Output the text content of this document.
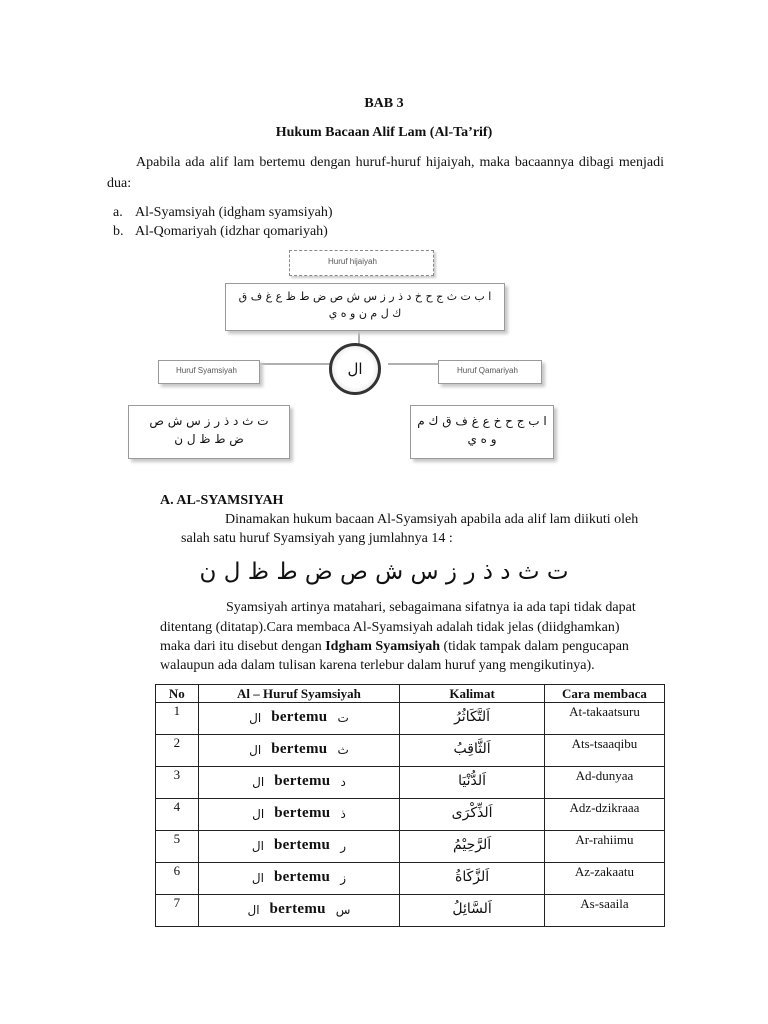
BAB 3
Hukum Bacaan Alif Lam (Al-Ta’rif)
Apabila ada alif lam bertemu dengan huruf-huruf hijaiyah, maka bacaannya dibagi menjadi dua:
a. Al-Syamsiyah (idgham syamsiyah)
b. Al-Qomariyah (idzhar qomariyah)
Huruf hijaiyah
ا ب ت ث ج ح خ د ذ ر ز س ش ص ض ط ظ ع غ ف ق
ك ل م ن و ه ي
ال
Huruf Syamsiyah
ت ث د ذ ر ز س ش ص
ض ط ظ ل ن
Huruf Qamariyah
ا ب ج ح خ ع غ ف ق ك م
و ه ي
A. AL-SYAMSIYAH
Dinamakan hukum bacaan Al-Syamsiyah apabila ada alif lam diikuti oleh
salah satu huruf Syamsiyah yang jumlahnya 14 :
ت ث د ذ ر ز س ش ص ض ط ظ ل ن
Syamsiyah artinya matahari, sebagaimana sifatnya ia ada tapi tidak dapat
ditentang (ditatap).Cara membaca Al-Syamsiyah adalah tidak jelas (diidghamkan)
maka dari itu disebut dengan Idgham Syamsiyah (tidak tampak dalam pengucapan
walaupun ada dalam tulisan karena terlebur dalam huruf yang mengikutinya).
No	Al – Huruf Syamsiyah	Kalimat	Cara membaca
1	ال bertemu ت	اَلتَّكَاثُرُ	At-takaatsuru

2	ال bertemu ث	اَلثَّاقِبُ	Ats-tsaaqibu

3	ال bertemu د	اَلدُّنْيَا	Ad-dunyaa

4	ال bertemu ذ	اَلذِّكْرَى	Adz-dzikraaa

5	ال bertemu ر	اَلرَّحِيْمُ	Ar-rahiimu

6	ال bertemu ز	اَلزَّكَاةُ	Az-zakaatu

7	ال bertemu س	اَلسَّائِلُ	As-saaila
